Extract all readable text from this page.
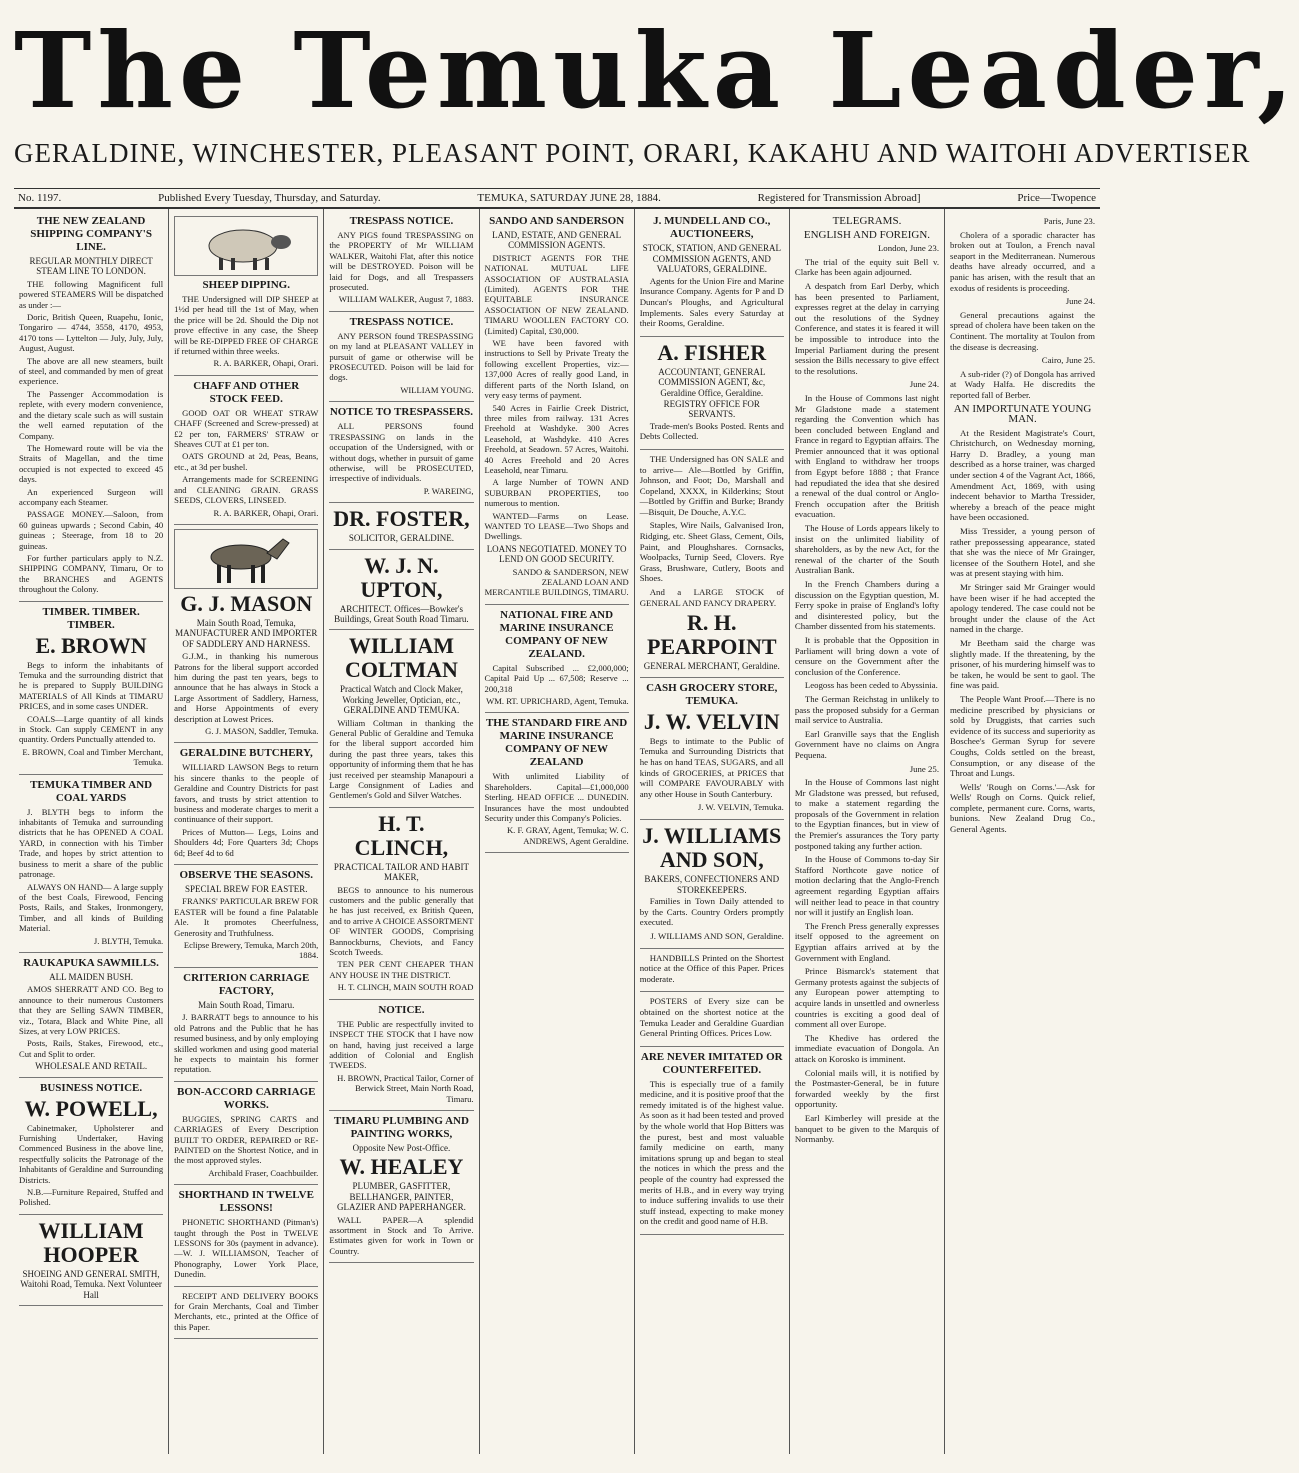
The Temuka Leader,
GERALDINE, WINCHESTER, PLEASANT POINT, ORARI, KAKAHU AND WAITOHI ADVERTISER
No. 1197.	Published Every Tuesday, Thursday, and Saturday.	TEMUKA, SATURDAY JUNE 28, 1884.	Registered for Transmission Abroad]	Price—Twopence
THE NEW ZEALAND SHIPPING COMPANY'S LINE.
REGULAR MONTHLY DIRECT STEAM LINE TO LONDON.

THE following Magnificent full powered STEAMERS Will be dispatched as under :—

Doric, British Queen, Ruapehu, Ionic, Tongariro — 4744, 3558, 4170, 4953, 4170 tons — Lyttelton — July, July, July, August, August.

The above are all new steamers, built of steel, and commanded by men of great experience.

The Passenger Accommodation is replete, with every modern convenience, and the dietary scale such as will sustain the well earned reputation of the Company.

The Homeward route will be via the Straits of Magellan, and the time occupied is not expected to exceed 45 days.

An experienced Surgeon will accompany each Steamer.

PASSAGE MONEY.—Saloon, from 60 guineas upwards ; Second Cabin, 40 guineas ; Steerage, from 18 to 20 guineas.

For further particulars apply to N.Z. SHIPPING COMPANY, Timaru, Or to the BRANCHES and AGENTS throughout the Colony.

TIMBER. TIMBER. TIMBER.
E. BROWN

Begs to inform the inhabitants of Temuka and the surrounding district that he is prepared to Supply BUILDING MATERIALS of All Kinds at TIMARU PRICES, and in some cases UNDER.

COALS—Large quantity of all kinds in Stock. Can supply CEMENT in any quantity. Orders Punctually attended to.

E. BROWN, Coal and Timber Merchant, Temuka.
TEMUKA TIMBER AND COAL YARDS

J. BLYTH begs to inform the inhabitants of Temuka and surrounding districts that he has OPENED A COAL YARD, in connection with his Timber Trade, and hopes by strict attention to business to merit a share of the public patronage.

ALWAYS ON HAND— A large supply of the best Coals, Firewood, Fencing Posts, Rails, and Stakes, Ironmongery, Timber, and all kinds of Building Material.

J. BLYTH, Temuka.
RAUKAPUKA SAWMILLS.
ALL MAIDEN BUSH.

AMOS SHERRATT AND CO. Beg to announce to their numerous Customers that they are Selling SAWN TIMBER, viz., Totara, Black and White Pine, all Sizes, at very LOW PRICES.

Posts, Rails, Stakes, Firewood, etc., Cut and Split to order.

WHOLESALE AND RETAIL.
BUSINESS NOTICE.
W. POWELL,

Cabinetmaker, Upholsterer and Furnishing Undertaker, Having Commenced Business in the above line, respectfully solicits the Patronage of the Inhabitants of Geraldine and Surrounding Districts.

N.B.—Furniture Repaired, Stuffed and Polished.

WILLIAM HOOPER
SHOEING AND GENERAL SMITH, Waitohi Road, Temuka. Next Volunteer Hall
SHEEP DIPPING.

THE Undersigned will DIP SHEEP at 1½d per head till the 1st of May, when the price will be 2d. Should the Dip not prove effective in any case, the Sheep will be RE-DIPPED FREE OF CHARGE if returned within three weeks.

R. A. BARKER, Ohapi, Orari.
CHAFF AND OTHER STOCK FEED.

GOOD OAT OR WHEAT STRAW CHAFF (Screened and Screw-pressed) at £2 per ton, FARMERS' STRAW or Sheaves CUT at £1 per ton.

OATS GROUND at 2d, Peas, Beans, etc., at 3d per bushel.

Arrangements made for SCREENING and CLEANING GRAIN. GRASS SEEDS, CLOVERS, LINSEED.

R. A. BARKER, Ohapi, Orari.
G. J. MASON
Main South Road, Temuka, MANUFACTURER AND IMPORTER OF SADDLERY AND HARNESS.

G.J.M., in thanking his numerous Patrons for the liberal support accorded him during the past ten years, begs to announce that he has always in Stock a Large Assortment of Saddlery, Harness, and Horse Appointments of every description at Lowest Prices.

G. J. MASON, Saddler, Temuka.
GERALDINE BUTCHERY,

WILLIARD LAWSON Begs to return his sincere thanks to the people of Geraldine and Country Districts for past favors, and trusts by strict attention to business and moderate charges to merit a continuance of their support.

Prices of Mutton— Legs, Loins and Shoulders 4d; Fore Quarters 3d; Chops 6d; Beef 4d to 6d

OBSERVE THE SEASONS.
SPECIAL BREW FOR EASTER.

FRANKS' PARTICULAR BREW FOR EASTER will be found a fine Palatable Ale. It promotes Cheerfulness, Generosity and Truthfulness.

Eclipse Brewery, Temuka, March 20th, 1884.
CRITERION CARRIAGE FACTORY,
Main South Road, Timaru.

J. BARRATT begs to announce to his old Patrons and the Public that he has resumed business, and by only employing skilled workmen and using good material he expects to maintain his former reputation.

BON-ACCORD CARRIAGE WORKS.

BUGGIES, SPRING CARTS and CARRIAGES of Every Description BUILT TO ORDER, REPAIRED or RE-PAINTED on the Shortest Notice, and in the most approved styles.

Archibald Fraser, Coachbuilder.
SHORTHAND IN TWELVE LESSONS!

PHONETIC SHORTHAND (Pitman's) taught through the Post in TWELVE LESSONS for 30s (payment in advance).—W. J. WILLIAMSON, Teacher of Phonography, Lower York Place, Dunedin.

RECEIPT AND DELIVERY BOOKS for Grain Merchants, Coal and Timber Merchants, etc., printed at the Office of this Paper.

TRESPASS NOTICE.

ANY PIGS found TRESPASSING on the PROPERTY of Mr WILLIAM WALKER, Waitohi Flat, after this notice will be DESTROYED. Poison will be laid for Dogs, and all Trespassers prosecuted.

WILLIAM WALKER, August 7, 1883.
TRESPASS NOTICE.

ANY PERSON found TRESPASSING on my land at PLEASANT VALLEY in pursuit of game or otherwise will be PROSECUTED. Poison will be laid for dogs.

WILLIAM YOUNG.
NOTICE TO TRESPASSERS.

ALL PERSONS found TRESPASSING on lands in the occupation of the Undersigned, with or without dogs, whether in pursuit of game otherwise, will be PROSECUTED, irrespective of individuals.

P. WAREING,
DR. FOSTER,
SOLICITOR, GERALDINE.
W. J. N. UPTON,
ARCHITECT. Offices—Bowker's Buildings, Great South Road Timaru.
WILLIAM COLTMAN
Practical Watch and Clock Maker, Working Jeweller, Optician, etc., GERALDINE AND TEMUKA.

William Coltman in thanking the General Public of Geraldine and Temuka for the liberal support accorded him during the past three years, takes this opportunity of informing them that he has just received per steamship Manapouri a Large Consignment of Ladies and Gentlemen's Gold and Silver Watches.

H. T. CLINCH,
PRACTICAL TAILOR AND HABIT MAKER,

BEGS to announce to his numerous customers and the public generally that he has just received, ex British Queen, and to arrive A CHOICE ASSORTMENT OF WINTER GOODS, Comprising Bannockburns, Cheviots, and Fancy Scotch Tweeds.

TEN PER CENT CHEAPER THAN ANY HOUSE IN THE DISTRICT.

H. T. CLINCH, MAIN SOUTH ROAD
NOTICE.

THE Public are respectfully invited to INSPECT THE STOCK that I have now on hand, having just received a large addition of Colonial and English TWEEDS.

H. BROWN, Practical Tailor, Corner of Berwick Street, Main North Road, Timaru.
TIMARU PLUMBING AND PAINTING WORKS,
Opposite New Post-Office.
W. HEALEY
PLUMBER, GASFITTER, BELLHANGER, PAINTER, GLAZIER AND PAPERHANGER.

WALL PAPER—A splendid assortment in Stock and To Arrive. Estimates given for work in Town or Country.

SANDO AND SANDERSON
LAND, ESTATE, AND GENERAL COMMISSION AGENTS.

DISTRICT AGENTS FOR THE NATIONAL MUTUAL LIFE ASSOCIATION OF AUSTRALASIA (Limited). AGENTS FOR THE EQUITABLE INSURANCE ASSOCIATION OF NEW ZEALAND. TIMARU WOOLLEN FACTORY CO. (Limited) Capital, £30,000.

WE have been favored with instructions to Sell by Private Treaty the following excellent Properties, viz:— 137,000 Acres of really good Land, in different parts of the North Island, on very easy terms of payment.

540 Acres in Fairlie Creek District, three miles from railway. 131 Acres Freehold at Washdyke. 300 Acres Leasehold, at Washdyke. 410 Acres Freehold, at Seadown. 57 Acres, Waitohi. 40 Acres Freehold and 20 Acres Leasehold, near Timaru.

A large Number of TOWN AND SUBURBAN PROPERTIES, too numerous to mention.

WANTED—Farms on Lease. WANTED TO LEASE—Two Shops and Dwellings.

LOANS NEGOTIATED. MONEY TO LEND ON GOOD SECURITY.
SANDO & SANDERSON, NEW ZEALAND LOAN AND MERCANTILE BUILDINGS, TIMARU.
NATIONAL FIRE AND MARINE INSURANCE COMPANY OF NEW ZEALAND.

Capital Subscribed ... £2,000,000; Capital Paid Up ... 67,508; Reserve ... 200,318

WM. RT. UPRICHARD, Agent, Temuka.
THE STANDARD FIRE AND MARINE INSURANCE COMPANY OF NEW ZEALAND

With unlimited Liability of Shareholders. Capital—£1,000,000 Sterling. HEAD OFFICE ... DUNEDIN. Insurances have the most undoubted Security under this Company's Policies.

K. F. GRAY, Agent, Temuka; W. C. ANDREWS, Agent Geraldine.
J. MUNDELL AND CO., AUCTIONEERS,
STOCK, STATION, AND GENERAL COMMISSION AGENTS, AND VALUATORS, GERALDINE.

Agents for the Union Fire and Marine Insurance Company. Agents for P and D Duncan's Ploughs, and Agricultural Implements. Sales every Saturday at their Rooms, Geraldine.

A. FISHER
ACCOUNTANT, GENERAL COMMISSION AGENT, &c, Geraldine Office, Geraldine. REGISTRY OFFICE FOR SERVANTS.

Trade-men's Books Posted. Rents and Debts Collected.

THE Undersigned has ON SALE and to arrive— Ale—Bottled by Griffin, Johnson, and Foot; Do, Marshall and Copeland, XXXX, in Kilderkins; Stout—Bottled by Griffin and Burke; Brandy—Bisquit, De Douche, A.Y.C.

Staples, Wire Nails, Galvanised Iron, Ridging, etc. Sheet Glass, Cement, Oils, Paint, and Ploughshares. Cornsacks, Woolpacks, Turnip Seed, Clovers. Rye Grass, Brushware, Cutlery, Boots and Shoes.

And a LARGE STOCK of GENERAL AND FANCY DRAPERY.

R. H. PEARPOINT
GENERAL MERCHANT, Geraldine.
CASH GROCERY STORE, TEMUKA.
J. W. VELVIN

Begs to intimate to the Public of Temuka and Surrounding Districts that he has on hand TEAS, SUGARS, and all kinds of GROCERIES, at PRICES that will COMPARE FAVOURABLY with any other House in South Canterbury.

J. W. VELVIN, Temuka.
J. WILLIAMS AND SON,
BAKERS, CONFECTIONERS AND STOREKEEPERS.

Families in Town Daily attended to by the Carts. Country Orders promptly executed.

J. WILLIAMS AND SON, Geraldine.

HANDBILLS Printed on the Shortest notice at the Office of this Paper. Prices moderate.

POSTERS of Every size can be obtained on the shortest notice at the Temuka Leader and Geraldine Guardian General Printing Offices. Prices Low.

ARE NEVER IMITATED OR COUNTERFEITED.

This is especially true of a family medicine, and it is positive proof that the remedy imitated is of the highest value. As soon as it had been tested and proved by the whole world that Hop Bitters was the purest, best and most valuable family medicine on earth, many imitations sprung up and began to steal the notices in which the press and the people of the country had expressed the merits of H.B., and in every way trying to induce suffering invalids to use their stuff instead, expecting to make money on the credit and good name of H.B.

TELEGRAMS.
ENGLISH AND FOREIGN.
London, June 23.

The trial of the equity suit Bell v. Clarke has been again adjourned.

A despatch from Earl Derby, which has been presented to Parliament, expresses regret at the delay in carrying out the resolutions of the Sydney Conference, and states it is feared it will be impossible to introduce into the Imperial Parliament during the present session the Bills necessary to give effect to the resolutions.

June 24.

In the House of Commons last night Mr Gladstone made a statement regarding the Convention which has been concluded between England and France in regard to Egyptian affairs. The Premier announced that it was optional with England to withdraw her troops from Egypt before 1888 ; that France had repudiated the idea that she desired a renewal of the dual control or Anglo-French occupation after the British evacuation.

The House of Lords appears likely to insist on the unlimited liability of shareholders, as by the new Act, for the renewal of the charter of the South Australian Bank.

In the French Chambers during a discussion on the Egyptian question, M. Ferry spoke in praise of England's lofty and disinterested policy, but the Chamber dissented from his statements.

It is probable that the Opposition in Parliament will bring down a vote of censure on the Government after the conclusion of the Conference.

Leogoss has been ceded to Abyssinia.

The German Reichstag in unlikely to pass the proposed subsidy for a German mail service to Australia.

Earl Granville says that the English Government have no claims on Angra Pequena.

June 25.

In the House of Commons last night Mr Gladstone was pressed, but refused, to make a statement regarding the proposals of the Government in relation to the Egyptian finances, but in view of the Premier's assurances the Tory party postponed taking any further action.

In the House of Commons to-day Sir Stafford Northcote gave notice of motion declaring that the Anglo-French agreement regarding Egyptian affairs will neither lead to peace in that country nor will it justify an English loan.

The French Press generally expresses itself opposed to the agreement on Egyptian affairs arrived at by the Government with England.

Prince Bismarck's statement that Germany protests against the subjects of any European power attempting to acquire lands in unsettled and ownerless countries is exciting a good deal of comment all over Europe.

The Khedive has ordered the immediate evacuation of Dongola. An attack on Korosko is imminent.

Colonial mails will, it is notified by the Postmaster-General, be in future forwarded weekly by the first opportunity.

Earl Kimberley will preside at the banquet to be given to the Marquis of Normanby.

Paris, June 23.

Cholera of a sporadic character has broken out at Toulon, a French naval seaport in the Mediterranean. Numerous deaths have already occurred, and a panic has arisen, with the result that an exodus of residents is proceeding.

June 24.

General precautions against the spread of cholera have been taken on the Continent. The mortality at Toulon from the disease is decreasing.

Cairo, June 25.

A sub-rider (?) of Dongola has arrived at Wady Halfa. He discredits the reported fall of Berber.

AN IMPORTUNATE YOUNG MAN.

At the Resident Magistrate's Court, Christchurch, on Wednesday morning, Harry D. Bradley, a young man described as a horse trainer, was charged under section 4 of the Vagrant Act, 1866, Amendment Act, 1869, with using indecent behavior to Martha Tressider, whereby a breach of the peace might have been occasioned.

Miss Tressider, a young person of rather prepossessing appearance, stated that she was the niece of Mr Grainger, licensee of the Southern Hotel, and she was at present staying with him.

Mr Stringer said Mr Grainger would have been wiser if he had accepted the apology tendered. The case could not be brought under the clause of the Act named in the charge.

Mr Beetham said the charge was slightly made. If the threatening, by the prisoner, of his murdering himself was to be taken, he would be sent to gaol. The fine was paid.

The People Want Proof.—There is no medicine prescribed by physicians or sold by Druggists, that carries such evidence of its success and superiority as Boschee's German Syrup for severe Coughs, Colds settled on the breast, Consumption, or any disease of the Throat and Lungs.

Wells' 'Rough on Corns.'—Ask for Wells' Rough on Corns. Quick relief, complete, permanent cure. Corns, warts, bunions. New Zealand Drug Co., General Agents.
